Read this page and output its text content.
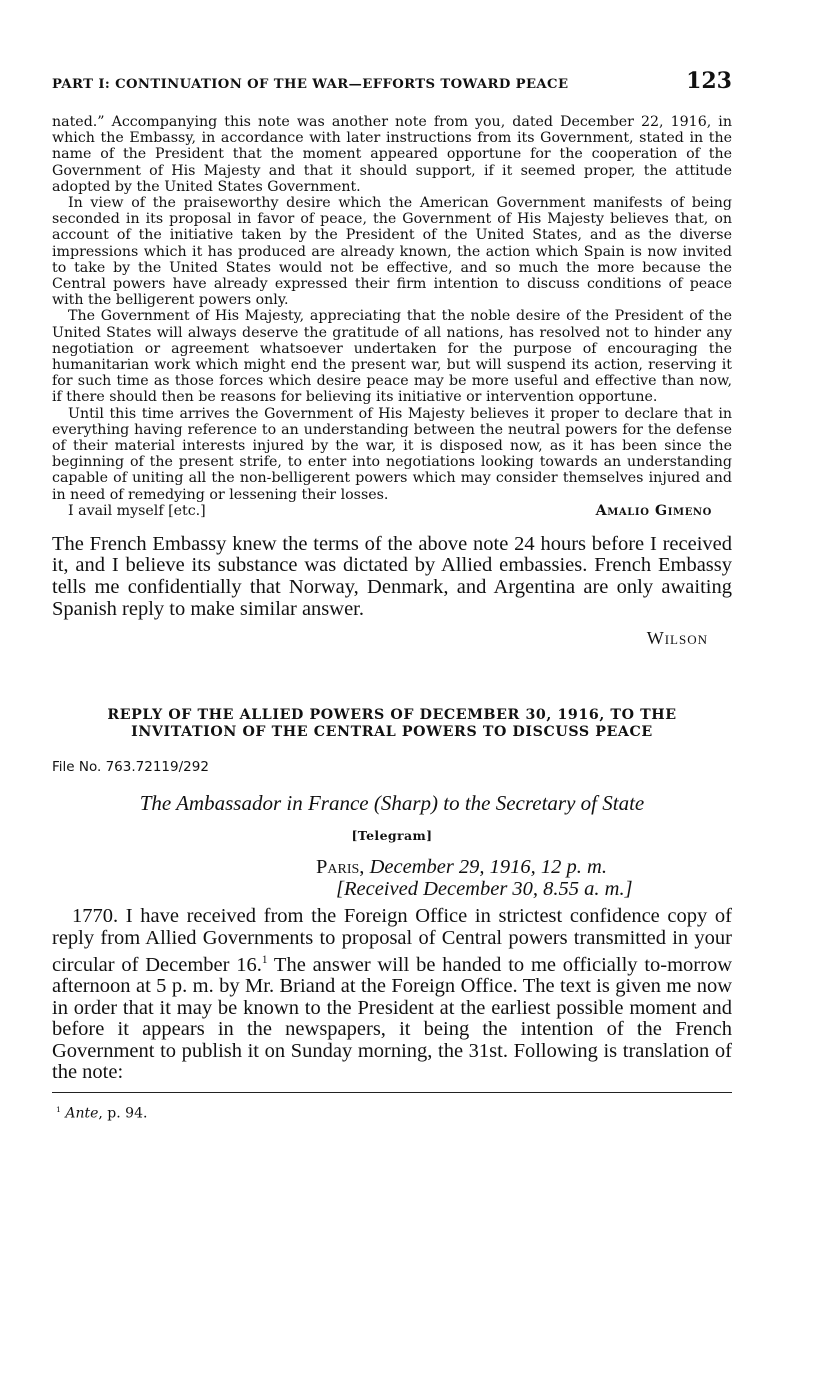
PART I: CONTINUATION OF THE WAR—EFFORTS TOWARD PEACE	123

nated.” Accompanying this note was another note from you, dated December 22, 1916, in which the Embassy, in accordance with later instructions from its Government, stated in the name of the President that the moment appeared opportune for the cooperation of the Government of His Majesty and that it should support, if it seemed proper, the attitude adopted by the United States Government.

In view of the praiseworthy desire which the American Government manifests of being seconded in its proposal in favor of peace, the Government of His Majesty believes that, on account of the initiative taken by the President of the United States, and as the diverse impressions which it has produced are already known, the action which Spain is now invited to take by the United States would not be effective, and so much the more because the Central powers have already expressed their firm intention to discuss conditions of peace with the belligerent powers only.

The Government of His Majesty, appreciating that the noble desire of the President of the United States will always deserve the gratitude of all nations, has resolved not to hinder any negotiation or agreement whatsoever undertaken for the purpose of encouraging the humanitarian work which might end the present war, but will suspend its action, reserving it for such time as those forces which desire peace may be more useful and effective than now, if there should then be reasons for believing its initiative or intervention opportune.

Until this time arrives the Government of His Majesty believes it proper to declare that in everything having reference to an understanding between the neutral powers for the defense of their material interests injured by the war, it is disposed now, as it has been since the beginning of the present strife, to enter into negotiations looking towards an understanding capable of uniting all the non-belligerent powers which may consider themselves injured and in need of remedying or lessening their losses.

I avail myself [etc.]	Amalio Gimeno

The French Embassy knew the terms of the above note 24 hours before I received it, and I believe its substance was dictated by Allied embassies. French Embassy tells me confidentially that Norway, Denmark, and Argentina are only awaiting Spanish reply to make similar answer.

Wilson
REPLY OF THE ALLIED POWERS OF DECEMBER 30, 1916, TO THE
INVITATION OF THE CENTRAL POWERS TO DISCUSS PEACE
File No. 763.72119/292
The Ambassador in France (Sharp) to the Secretary of State
[Telegram]
Paris, December 29, 1916, 12 p. m.
[Received December 30, 8.55 a. m.]

1770. I have received from the Foreign Office in strictest confidence copy of reply from Allied Governments to proposal of Central powers transmitted in your circular of December 16.$^1$ The answer will be handed to me officially to-morrow afternoon at 5 p. m. by Mr. Briand at the Foreign Office. The text is given me now in order that it may be known to the President at the earliest possible moment and before it appears in the newspapers, it being the intention of the French Government to publish it on Sunday morning, the 31st. Following is translation of the note:

$^1$ Ante, p. 94.
